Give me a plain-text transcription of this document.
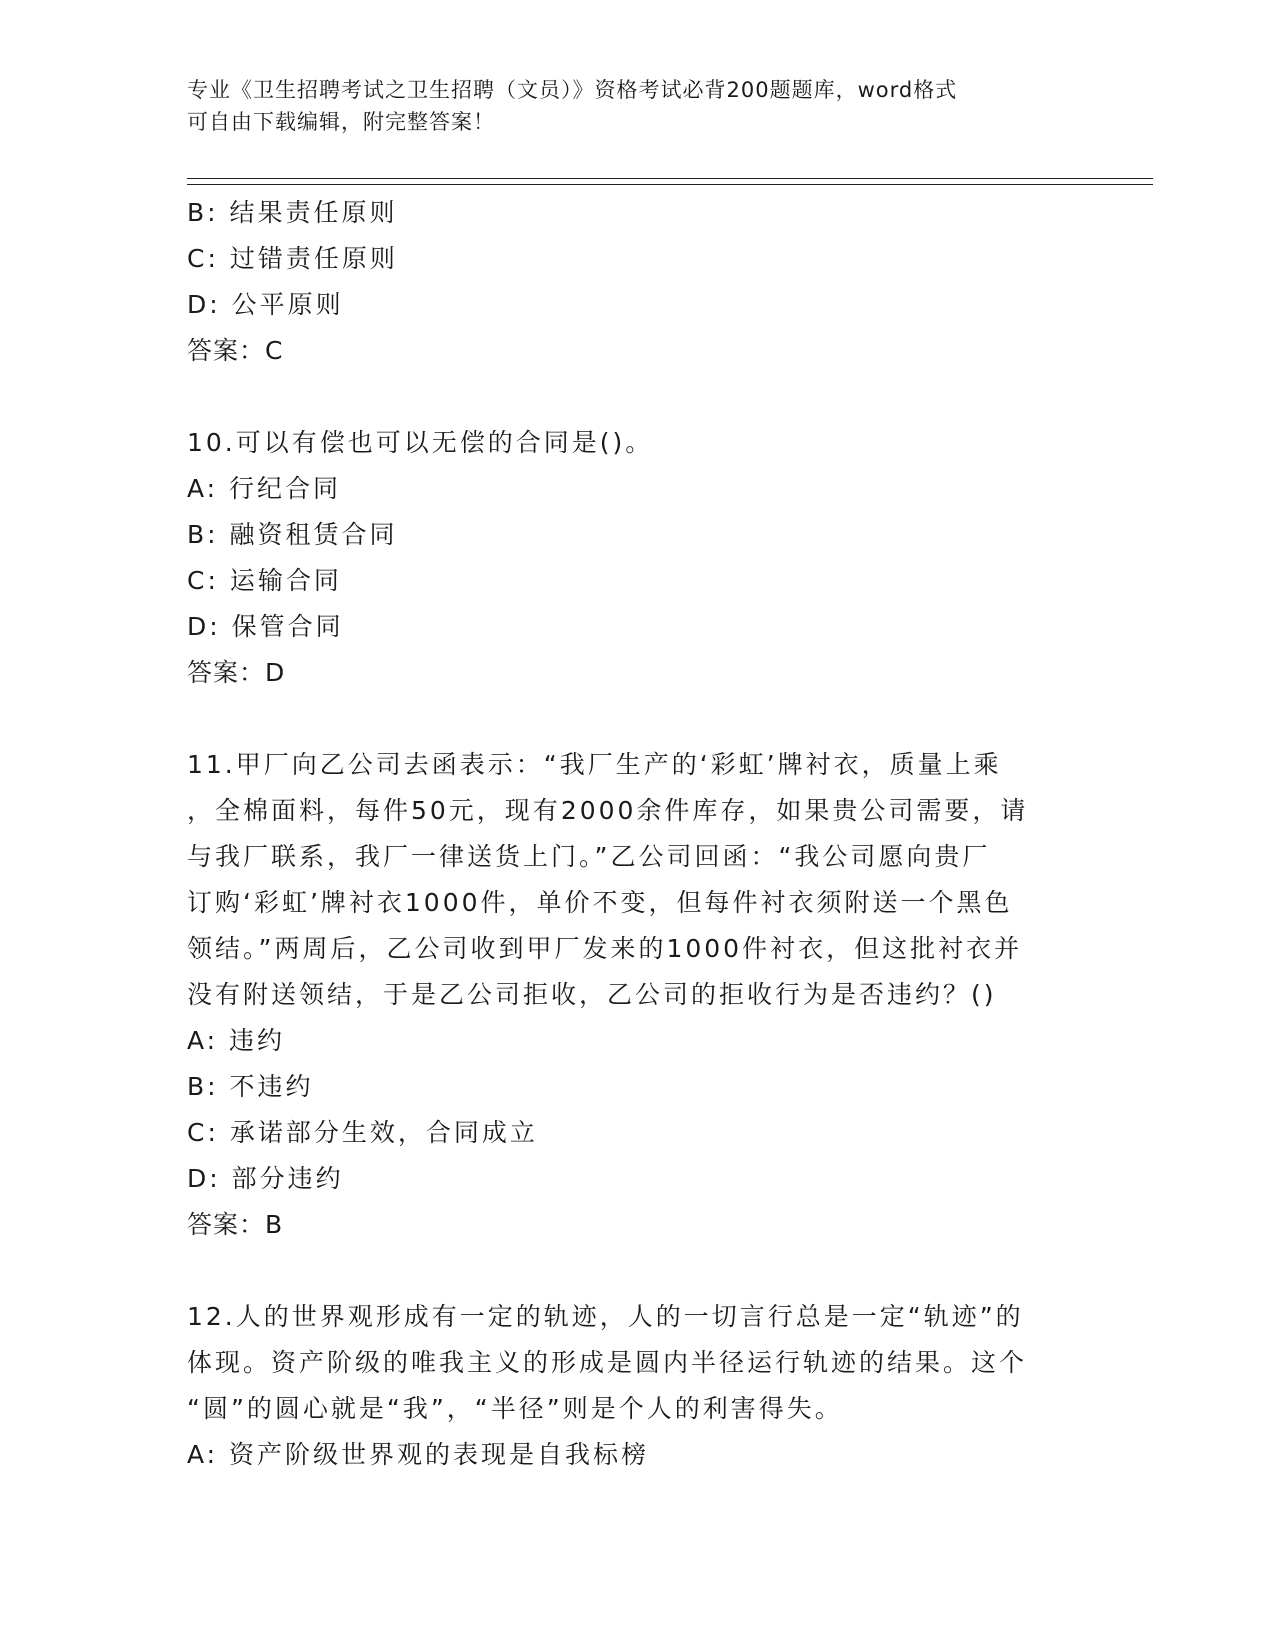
专业《卫生招聘考试之卫生招聘（文员）》资格考试必背200题题库，word格式
可自由下载编辑，附完整答案！
B: 结果责任原则
C: 过错责任原则
D: 公平原则
答案：C
10.可以有偿也可以无偿的合同是()。
A: 行纪合同
B: 融资租赁合同
C: 运输合同
D: 保管合同
答案：D
11.甲厂向乙公司去函表示：“我厂生产的‘彩虹’牌衬衣，质量上乘
，全棉面料，每件50元，现有2000余件库存，如果贵公司需要，请
与我厂联系，我厂一律送货上门。”乙公司回函：“我公司愿向贵厂
订购‘彩虹’牌衬衣1000件，单价不变，但每件衬衣须附送一个黑色
领结。”两周后，乙公司收到甲厂发来的1000件衬衣，但这批衬衣并
没有附送领结，于是乙公司拒收，乙公司的拒收行为是否违约？()
A: 违约
B: 不违约
C: 承诺部分生效，合同成立
D: 部分违约
答案：B
12.人的世界观形成有一定的轨迹，人的一切言行总是一定“轨迹”的
体现。资产阶级的唯我主义的形成是圆内半径运行轨迹的结果。这个
“圆”的圆心就是“我”，“半径”则是个人的利害得失。
A: 资产阶级世界观的表现是自我标榜
